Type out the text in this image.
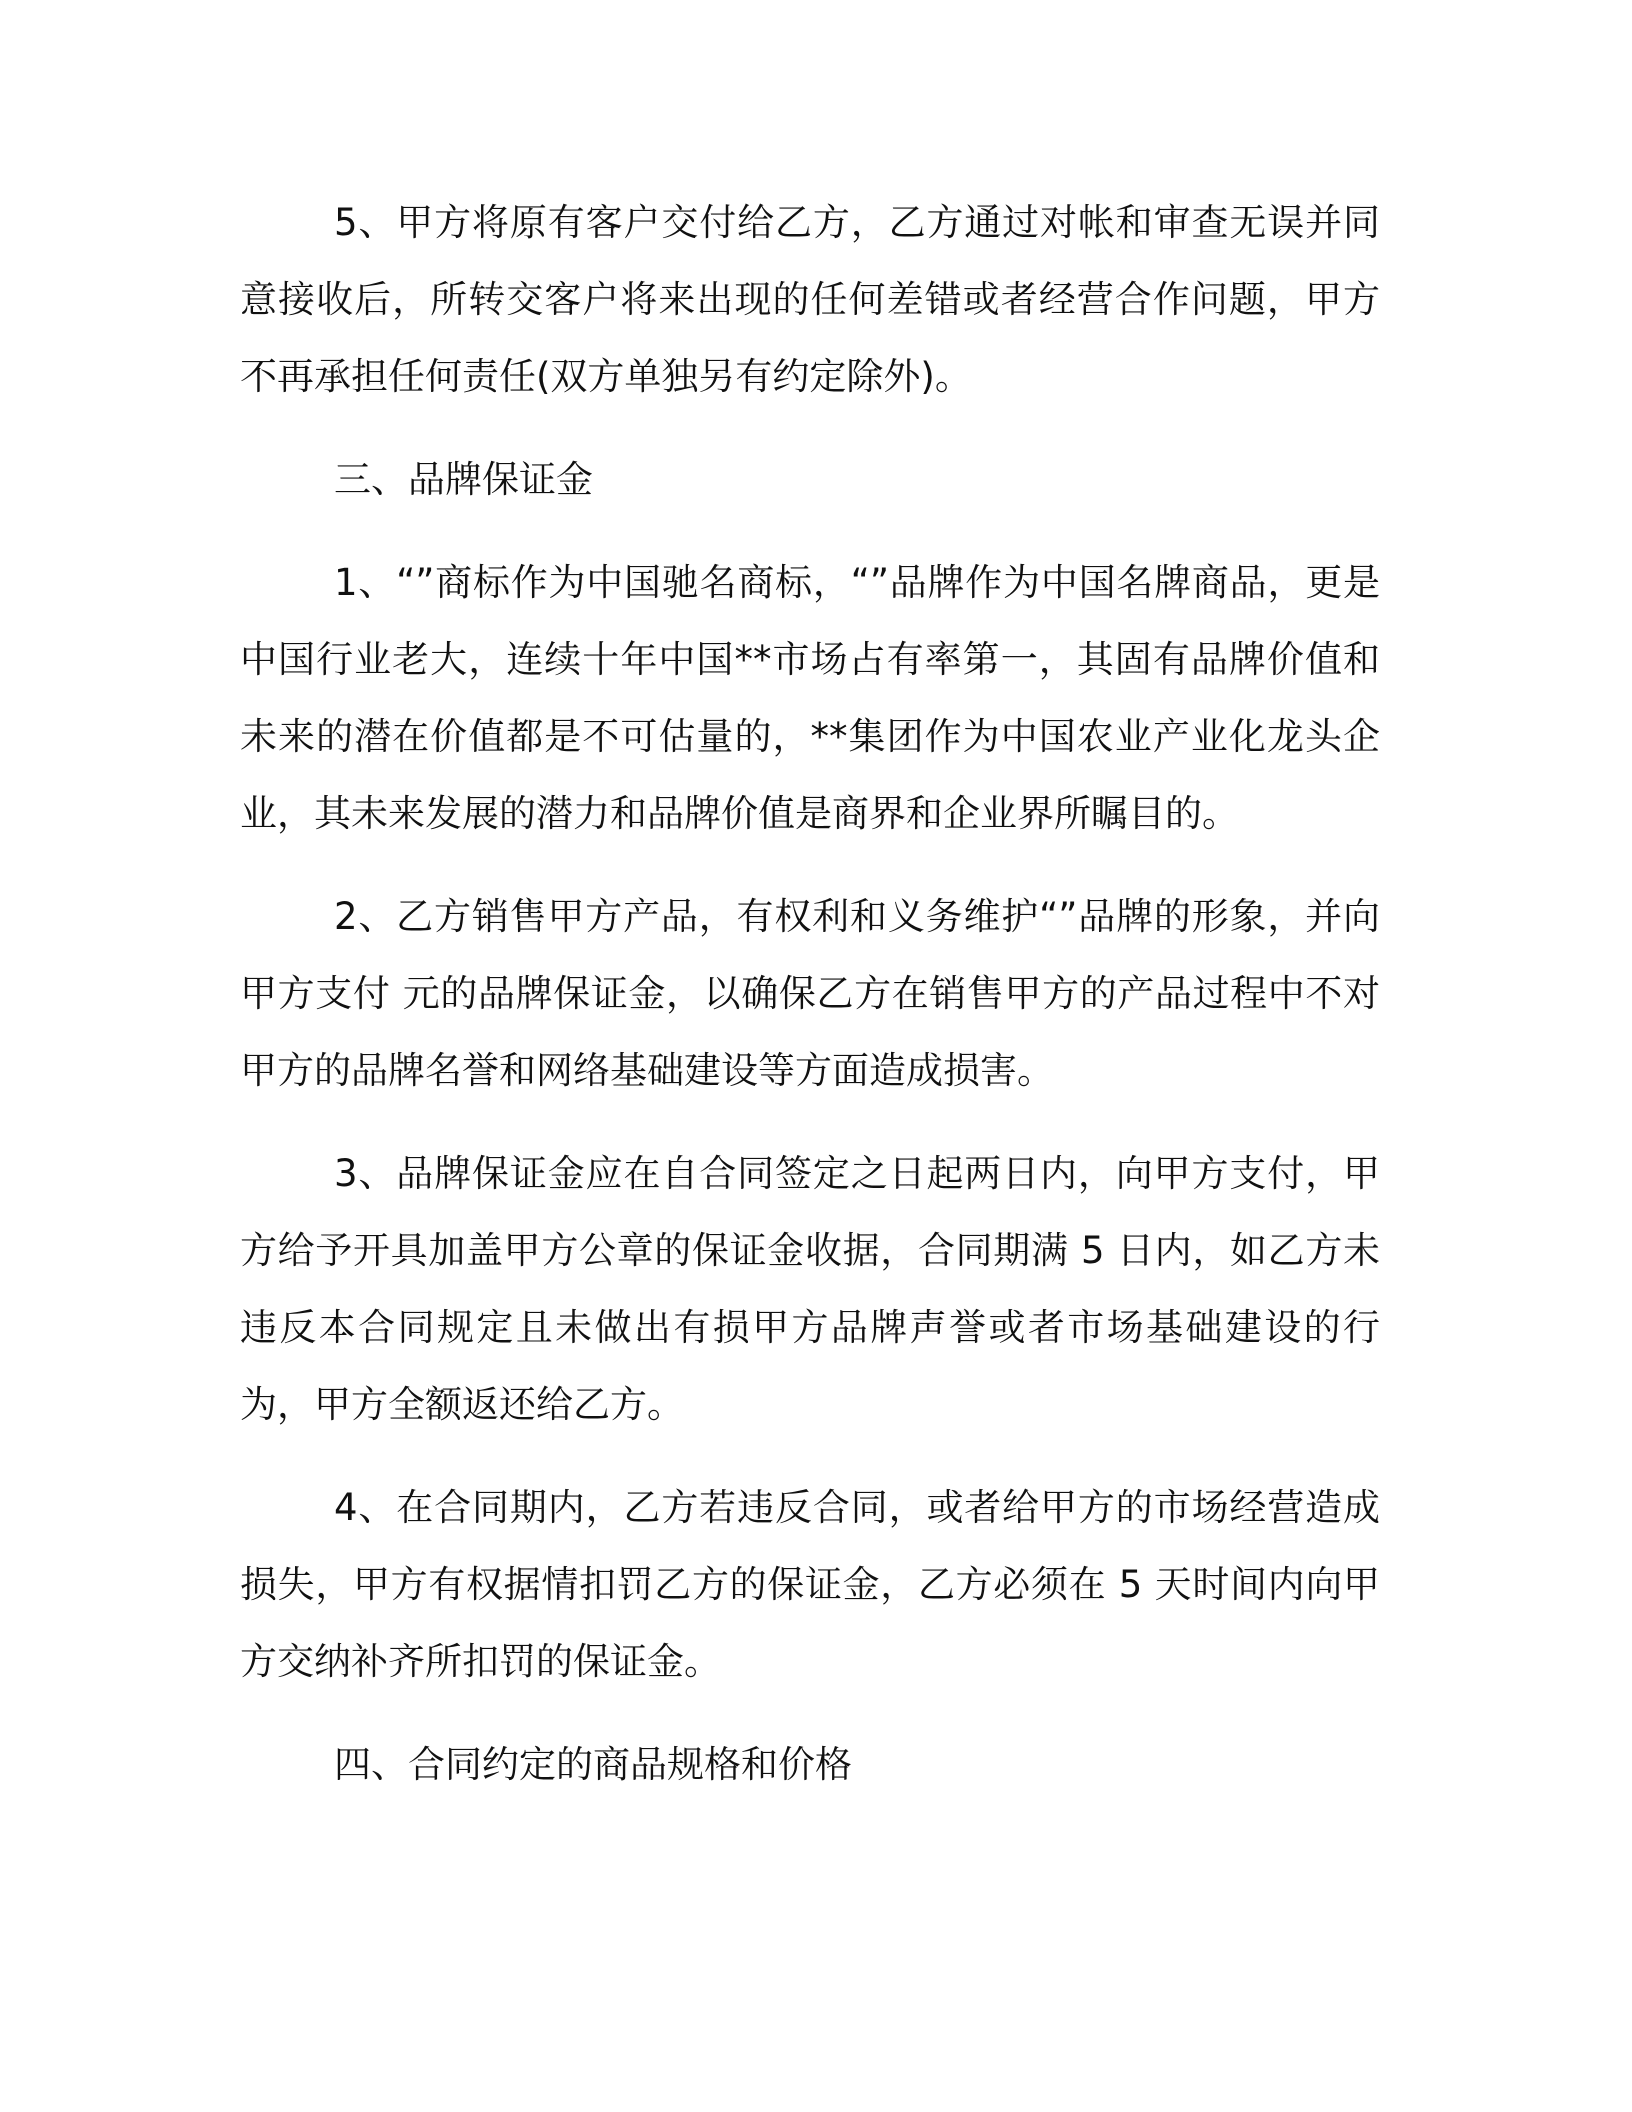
5、甲方将原有客户交付给乙方，乙方通过对帐和审查无误并同意接收后，所转交客户将来出现的任何差错或者经营合作问题，甲方不再承担任何责任(双方单独另有约定除外)。

三、品牌保证金

1、“”商标作为中国驰名商标，“”品牌作为中国名牌商品，更是中国行业老大，连续十年中国**市场占有率第一，其固有品牌价值和未来的潜在价值都是不可估量的，**集团作为中国农业产业化龙头企业，其未来发展的潜力和品牌价值是商界和企业界所瞩目的。

2、乙方销售甲方产品，有权利和义务维护“”品牌的形象，并向甲方支付 元的品牌保证金，以确保乙方在销售甲方的产品过程中不对甲方的品牌名誉和网络基础建设等方面造成损害。

3、品牌保证金应在自合同签定之日起两日内，向甲方支付，甲方给予开具加盖甲方公章的保证金收据，合同期满 5 日内，如乙方未违反本合同规定且未做出有损甲方品牌声誉或者市场基础建设的行为，甲方全额返还给乙方。

4、在合同期内，乙方若违反合同，或者给甲方的市场经营造成损失，甲方有权据情扣罚乙方的保证金，乙方必须在 5 天时间内向甲方交纳补齐所扣罚的保证金。

四、合同约定的商品规格和价格
